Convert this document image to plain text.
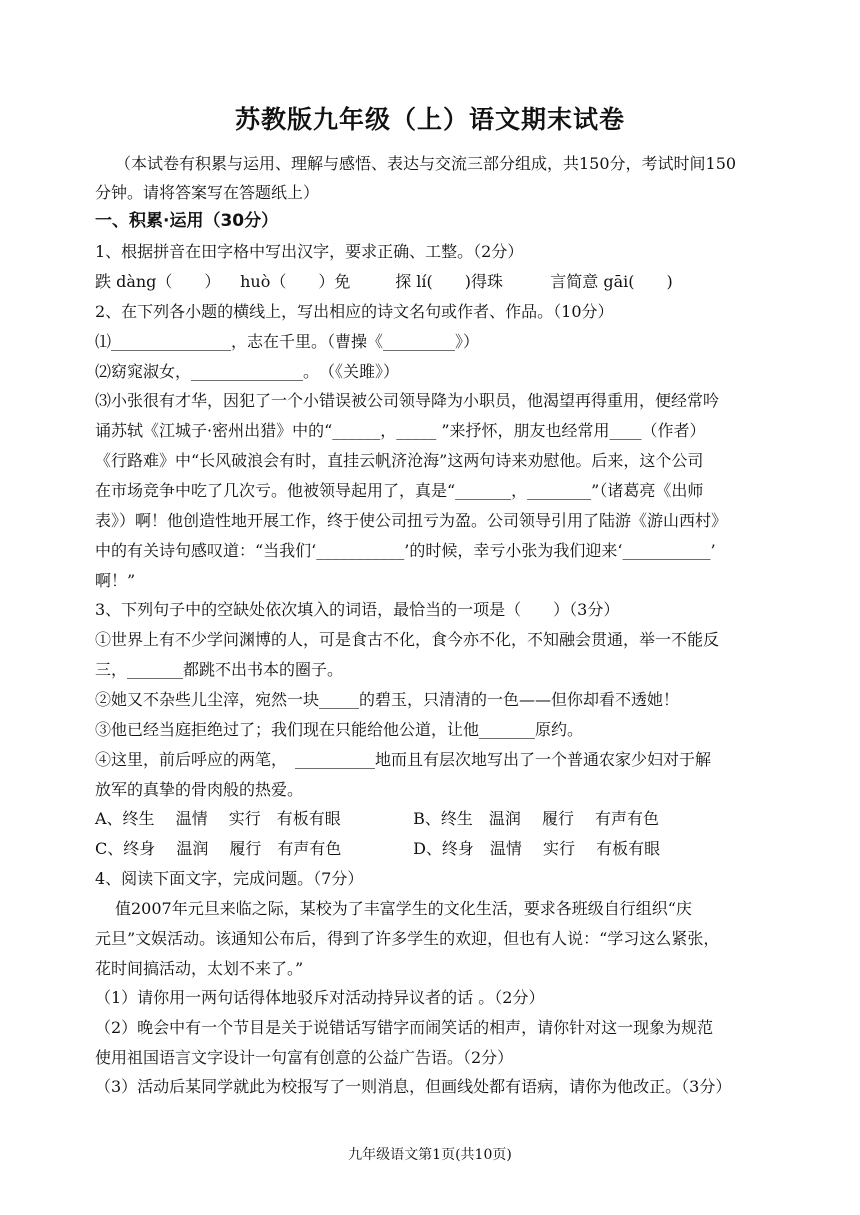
苏教版九年级（上）语文期末试卷
（本试卷有积累与运用、理解与感悟、表达与交流三部分组成，共150分，考试时间150
分钟。请将答案写在答题纸上）
一、积累·运用（30分）
1、根据拼音在田字格中写出汉字，要求正确、工整。（2分）
跌 dàng（　　） huò（　　）免	探 lí(　　)得珠	言简意 gāi(　　)
2、在下列各小题的横线上，写出相应的诗文名句或作者、作品。（10分）
⑴_______________，志在千里。（曹操《_________》）
⑵窈窕淑女，______________。　（《关雎》）
⑶小张很有才华，因犯了一个小错误被公司领导降为小职员，他渴望再得重用，便经常吟
诵苏轼《江城子·密州出猎》中的“______，_____ ”来抒怀，朋友也经常用____（作者）
《行路难》中“长风破浪会有时，直挂云帆济沧海”这两句诗来劝慰他。后来，这个公司
在市场竞争中吃了几次亏。他被领导起用了，真是“_______，________”（诸葛亮《出师
表》）啊！他创造性地开展工作，终于使公司扭亏为盈。公司领导引用了陆游《游山西村》
中的有关诗句感叹道：“当我们‘___________’的时候，幸亏小张为我们迎来‘___________’
啊！”
3、下列句子中的空缺处依次填入的词语，最恰当的一项是（　　）（3分）
①世界上有不少学问渊博的人，可是食古不化，食今亦不化，不知融会贯通，举一不能反
三，_______都跳不出书本的圈子。
②她又不杂些儿尘滓，宛然一块_____的碧玉，只清清的一色——但你却看不透她！
③他已经当庭拒绝过了；我们现在只能给他公道，让他_______原约。
④这里，前后呼应的两笔，　__________地而且有层次地写出了一个普通农家少妇对于解
放军的真挚的骨肉般的热爱。
A、终生　 温情　 实行　有板有眼	B、终生　温润　 履行　 有声有色
C、终身　 温润　 履行　有声有色	D、终身　温情　 实行　 有板有眼
4、阅读下面文字，完成问题。（7分）
值2007年元旦来临之际，某校为了丰富学生的文化生活，要求各班级自行组织“庆
元旦”文娱活动。该通知公布后，得到了许多学生的欢迎，但也有人说：“学习这么紧张，
花时间搞活动，太划不来了。”
（1）请你用一两句话得体地驳斥对活动持异议者的话 。（2分）
（2）晚会中有一个节目是关于说错话写错字而闹笑话的相声，请你针对这一现象为规范
使用祖国语言文字设计一句富有创意的公益广告语。（2分）
（3）活动后某同学就此为校报写了一则消息，但画线处都有语病，请你为他改正。（3分）
九年级语文第1页(共10页)
